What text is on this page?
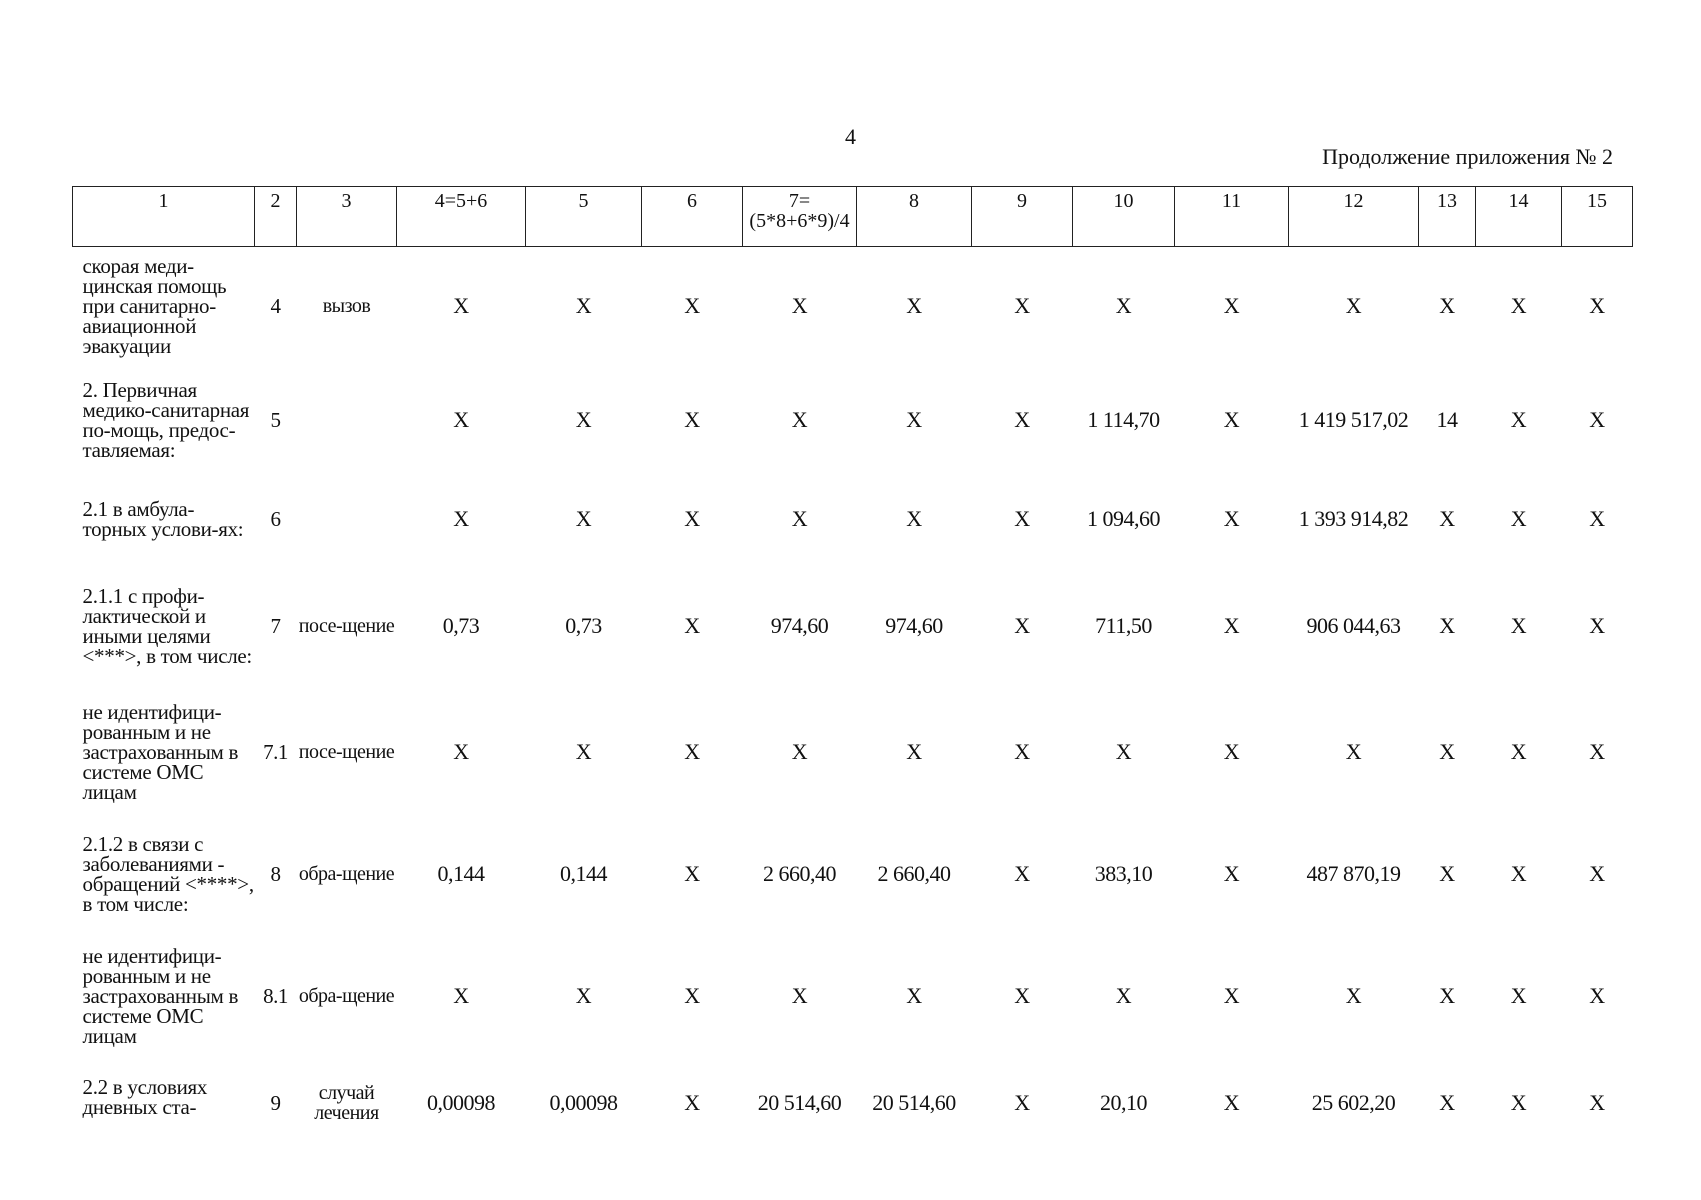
4
Продолжение приложения № 2
1	2	3	4=5+6	5	6	7=(5*8+6*9)/4	8	9	10	11	12	13	14	15
скорая меди-цинская помощь при санитарно-авиационной эвакуации	4	вызов	Х	Х	Х	Х	Х	Х	Х	Х	Х	Х	Х	Х
2. Первичная медико-санитарная по-мощь, предос-тавляемая:	5		Х	Х	Х	Х	Х	Х	1 114,70	Х	1 419 517,02	14	Х	Х
2.1 в амбула-торных услови-ях:	6		Х	Х	Х	Х	Х	Х	1 094,60	Х	1 393 914,82	Х	Х	Х
2.1.1 с профи-лактической и иными целями <***>, в том числе:	7	посе-щение	0,73	0,73	Х	974,60	974,60	Х	711,50	Х	906 044,63	Х	Х	Х
не идентифици-рованным и не застрахованным в системе ОМС лицам	7.1	посе-щение	Х	Х	Х	Х	Х	Х	Х	Х	Х	Х	Х	Х
2.1.2 в связи с заболеваниями - обращений <****>, в том числе:	8	обра-щение	0,144	0,144	Х	2 660,40	2 660,40	Х	383,10	Х	487 870,19	Х	Х	Х
не идентифици-рованным и не застрахованным в системе ОМС лицам	8.1	обра-щение	Х	Х	Х	Х	Х	Х	Х	Х	Х	Х	Х	Х
2.2 в условиях дневных ста-	9	случай лечения	0,00098	0,00098	Х	20 514,60	20 514,60	Х	20,10	Х	25 602,20	Х	Х	Х
